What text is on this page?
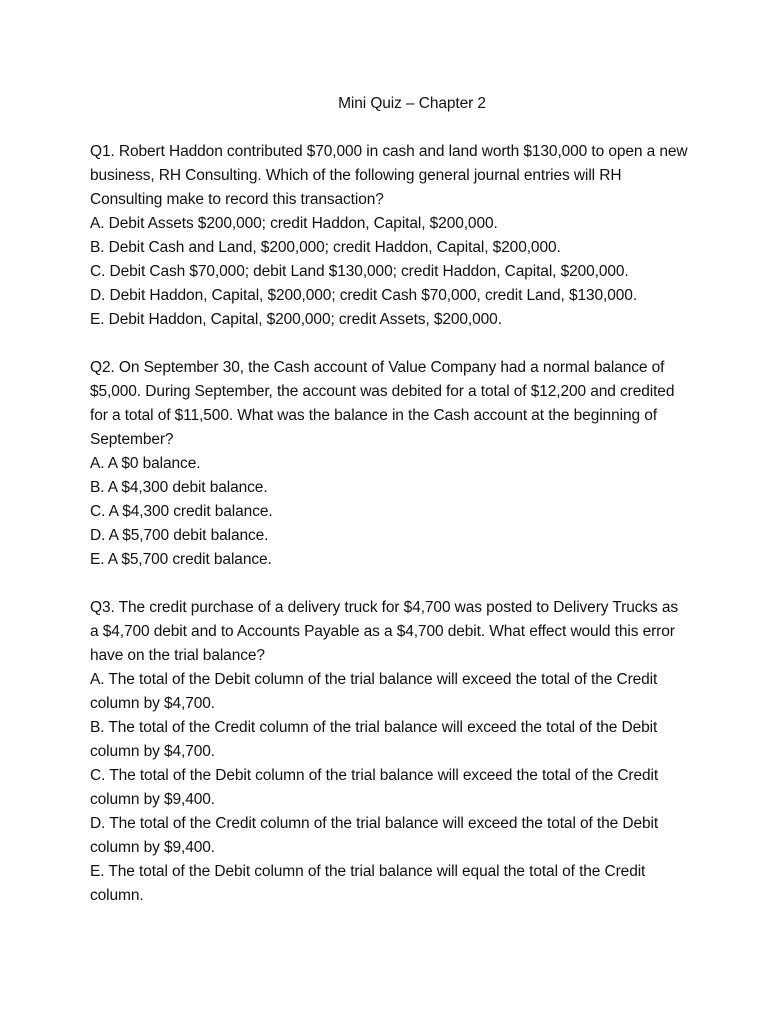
Mini Quiz – Chapter 2

Q1. Robert Haddon contributed $70,000 in cash and land worth $130,000 to open a new business, RH Consulting. Which of the following general journal entries will RH Consulting make to record this transaction?

A. Debit Assets $200,000; credit Haddon, Capital, $200,000.

B. Debit Cash and Land, $200,000; credit Haddon, Capital, $200,000.

C. Debit Cash $70,000; debit Land $130,000; credit Haddon, Capital, $200,000.

D. Debit Haddon, Capital, $200,000; credit Cash $70,000, credit Land, $130,000.

E. Debit Haddon, Capital, $200,000; credit Assets, $200,000.

Q2. On September 30, the Cash account of Value Company had a normal balance of $5,000. During September, the account was debited for a total of $12,200 and credited for a total of $11,500. What was the balance in the Cash account at the beginning of September?

A. A $0 balance.

B. A $4,300 debit balance.

C. A $4,300 credit balance.

D. A $5,700 debit balance.

E. A $5,700 credit balance.

Q3. The credit purchase of a delivery truck for $4,700 was posted to Delivery Trucks as a $4,700 debit and to Accounts Payable as a $4,700 debit. What effect would this error have on the trial balance?

A. The total of the Debit column of the trial balance will exceed the total of the Credit column by $4,700.

B. The total of the Credit column of the trial balance will exceed the total of the Debit column by $4,700.

C. The total of the Debit column of the trial balance will exceed the total of the Credit column by $9,400.

D. The total of the Credit column of the trial balance will exceed the total of the Debit column by $9,400.

E. The total of the Debit column of the trial balance will equal the total of the Credit column.
